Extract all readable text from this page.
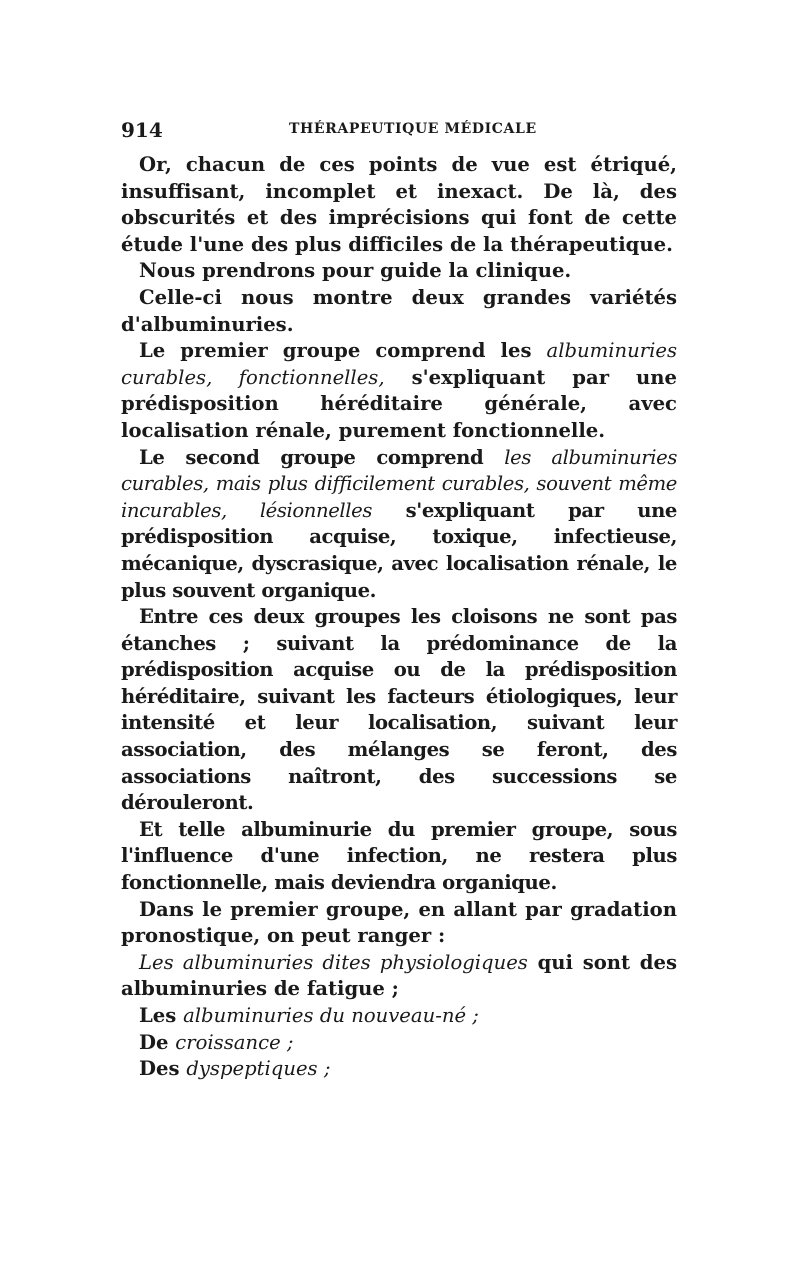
914	THÉRAPEUTIQUE MÉDICALE

Or, chacun de ces points de vue est étriqué, insuffisant, incomplet et inexact. De là, des obscurités et des imprécisions qui font de cette étude l'une des plus difficiles de la thérapeutique.

Nous prendrons pour guide la clinique.

Celle-ci nous montre deux grandes variétés d'albuminuries.

Le premier groupe comprend les albuminuries curables, fonctionnelles, s'expliquant par une prédisposition héréditaire générale, avec localisation rénale, purement fonctionnelle.

Le second groupe comprend les albuminuries curables, mais plus difficilement curables, souvent même incurables, lésionnelles s'expliquant par une prédisposition acquise, toxique, infectieuse, mécanique, dyscrasique, avec localisation rénale, le plus souvent organique.

Entre ces deux groupes les cloisons ne sont pas étanches ; suivant la prédominance de la prédisposition acquise ou de la prédisposition héréditaire, suivant les facteurs étiologiques, leur intensité et leur localisation, suivant leur association, des mélanges se feront, des associations naîtront, des successions se dérouleront.

Et telle albuminurie du premier groupe, sous l'influence d'une infection, ne restera plus fonctionnelle, mais deviendra organique.

Dans le premier groupe, en allant par gradation pronostique, on peut ranger :

Les albuminuries dites physiologiques qui sont des albuminuries de fatigue ;

Les albuminuries du nouveau-né ;

De croissance ;

Des dyspeptiques ;
